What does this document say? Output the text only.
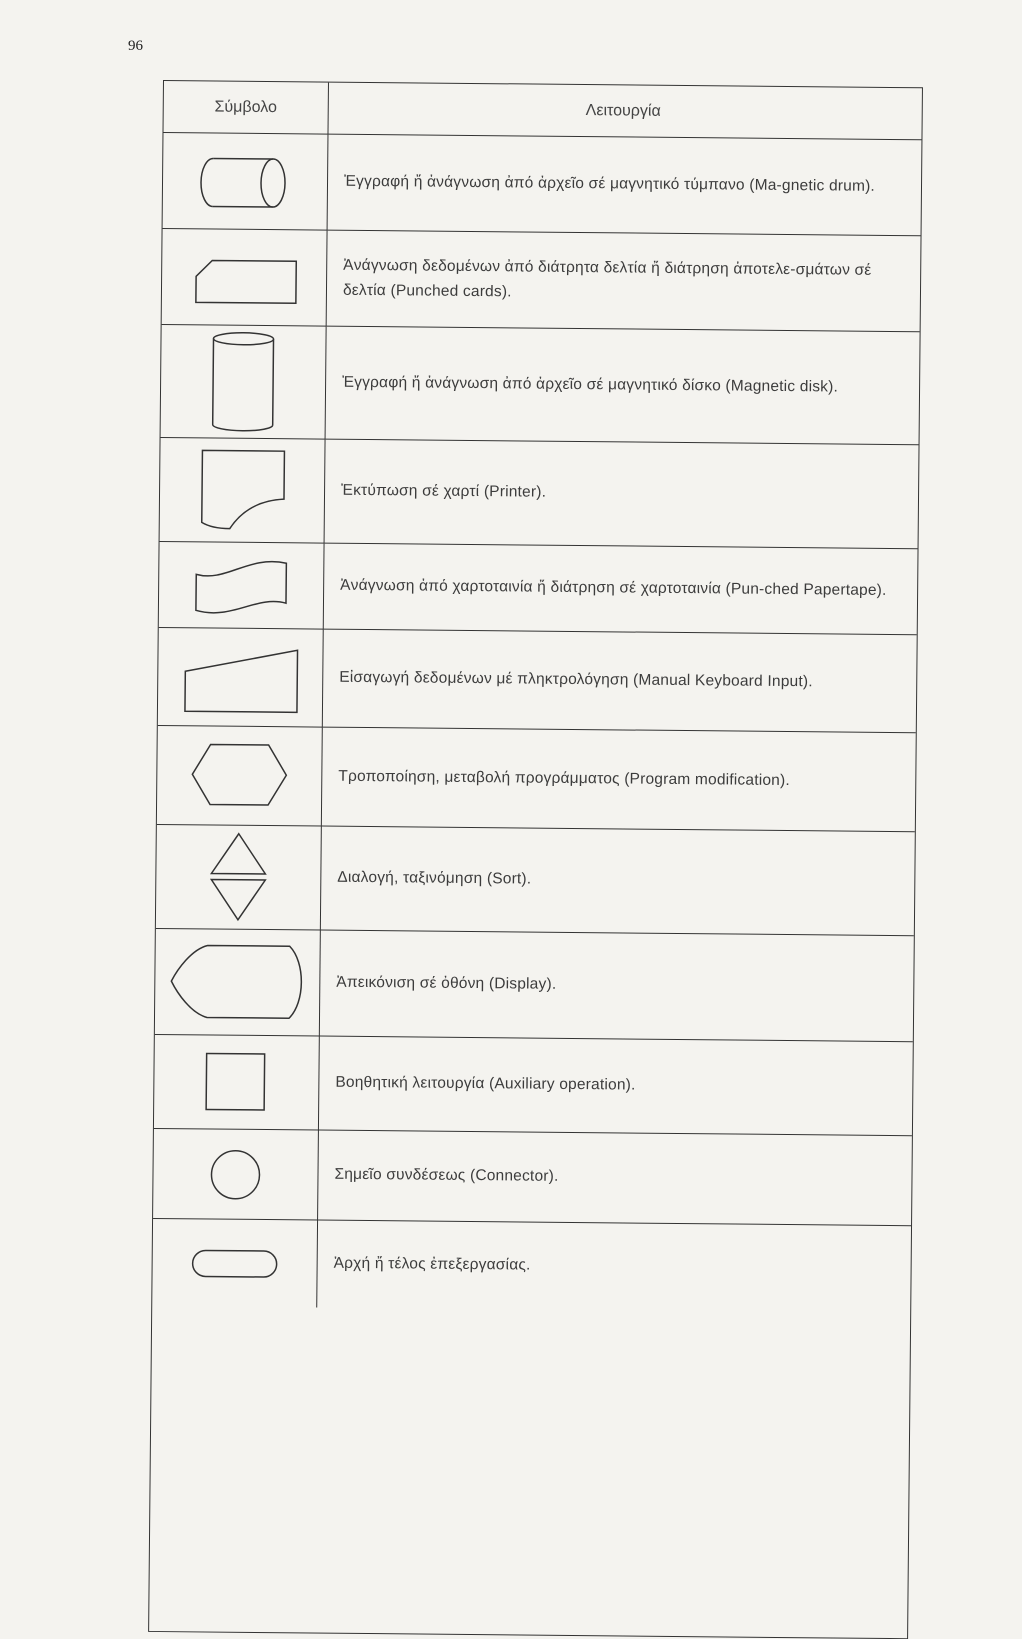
96
Σύμβολο	Λειτουργία
Ἐγγραφή ἤ ἀνάγνωση ἀπό ἀρχεῖο σέ μαγνητικό τύμπανο (Ma-gnetic drum).
Ἀνάγνωση δεδομένων ἀπό διάτρητα δελτία ἤ διάτρηση ἀποτελε-σμάτων σέ δελτία (Punched cards).
Ἐγγραφή ἤ ἀνάγνωση ἀπό ἀρχεῖο σέ μαγνητικό δίσκο (Magnetic disk).
Ἐκτύπωση σέ χαρτί (Printer).
Ἀνάγνωση ἀπό χαρτοταινία ἤ διάτρηση σέ χαρτοταινία (Pun-ched Papertape).
Εἰσαγωγή δεδομένων μέ πληκτρολόγηση (Manual Keyboard Input).
Τροποποίηση, μεταβολή προγράμματος (Program modification).
Διαλογή, ταξινόμηση (Sort).
Ἀπεικόνιση σέ ὀθόνη (Display).
Βοηθητική λειτουργία (Auxiliary operation).
Σημεῖο συνδέσεως (Connector).
Ἀρχή ἤ τέλος ἐπεξεργασίας.
